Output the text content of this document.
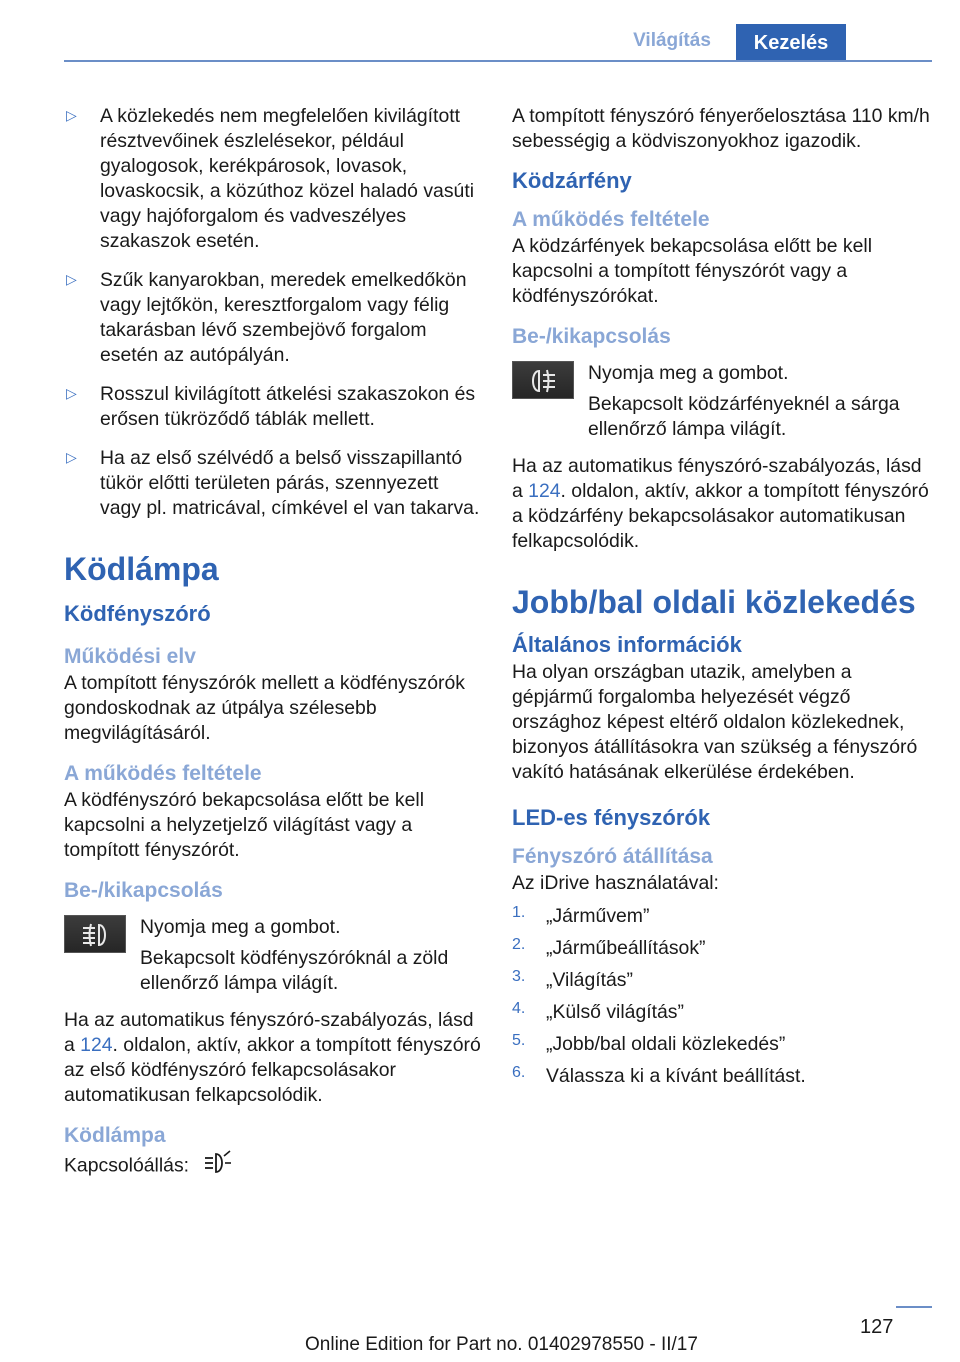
Világítás	Kezelés
▷ A közlekedés nem megfelelően kivilágított résztvevőinek észlelésekor, például gyalogosok, kerékpárosok, lovasok, lovaskocsik, a közúthoz közel haladó vasúti vagy hajóforgalom és vadveszélyes szakaszok esetén.

▷ Szűk kanyarokban, meredek emelkedőkön vagy lejtőkön, keresztforgalom vagy félig takarásban lévő szembejövő forgalom esetén az autópályán.

▷ Rosszul kivilágított átkelési szakaszokon és erősen tükröződő táblák mellett.

▷ Ha az első szélvédő a belső visszapillantó tükör előtti területen párás, szennyezett vagy pl. matricával, címkével el van takarva.

Ködlámpa
Ködfényszóró
Működési elv

A tompított fényszórók mellett a ködfényszórók gondoskodnak az útpálya szélesebb megvilágításáról.

A működés feltétele

A ködfényszóró bekapcsolása előtt be kell kapcsolni a helyzetjelző világítást vagy a tompított fényszórót.

Be-/kikapcsolás

Nyomja meg a gombot.

Bekapcsolt ködfényszóróknál a zöld ellenőrző lámpa világít.

Ha az automatikus fényszóró-szabályozás, lásd a 124. oldalon, aktív, akkor a tompított fényszóró az első ködfényszóró felkapcsolásakor automatikusan felkapcsolódik.

Ködlámpa

Kapcsolóállás:

A tompított fényszóró fényerőelosztása 110 km/h sebességig a ködviszonyokhoz igazodik.

Ködzárfény
A működés feltétele

A ködzárfények bekapcsolása előtt be kell kapcsolni a tompított fényszórót vagy a ködfényszórókat.

Be-/kikapcsolás

Nyomja meg a gombot.

Bekapcsolt ködzárfényeknél a sárga ellenőrző lámpa világít.

Ha az automatikus fényszóró-szabályozás, lásd a 124. oldalon, aktív, akkor a tompított fényszóró a ködzárfény bekapcsolásakor automatikusan felkapcsolódik.

Jobb/bal oldali közlekedés
Általános információk

Ha olyan országban utazik, amelyben a gépjármű forgalomba helyezését végző országhoz képest eltérő oldalon közlekednek, bizonyos átállításokra van szükség a fényszóró vakító hatásának elkerülése érdekében.

LED-es fényszórók
Fényszóró átállítása

Az iDrive használatával:

1. „Járművem”

2. „Járműbeállítások”

3. „Világítás”

4. „Külső világítás”

5. „Jobb/bal oldali közlekedés”

6. Válassza ki a kívánt beállítást.

127
Online Edition for Part no. 01402978550 - II/17
